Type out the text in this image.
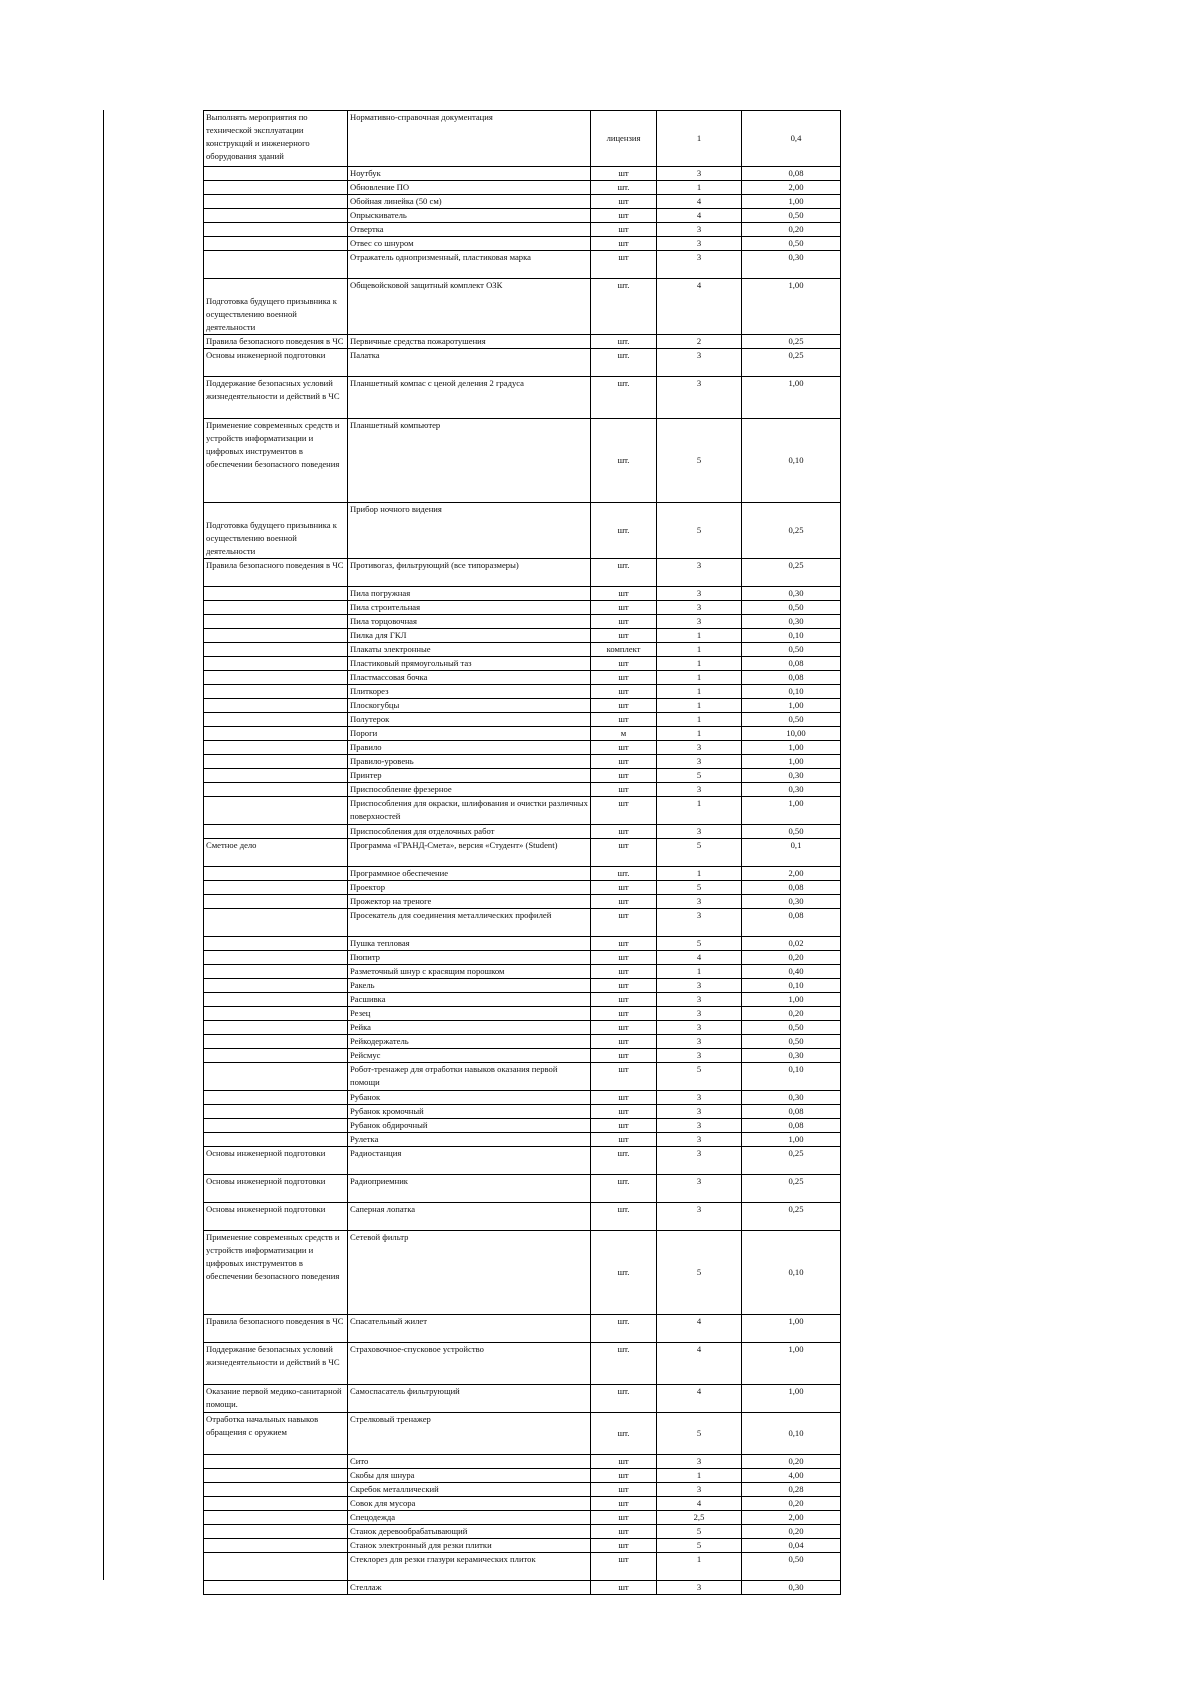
Выполнять мероприятия по технической эксплуатации конструкций и инженерного оборудования зданий	Нормативно-справочная документация	лицензия	1	0,4
	Ноутбук	шт	3	0,08
	Обновление ПО	шт.	1	2,00
	Обойная линейка (50 см)	шт	4	1,00
	Опрыскиватель	шт	4	0,50
	Отвертка	шт	3	0,20
	Отвес со шнуром	шт	3	0,50
	Отражатель однопризменный, пластиковая марка	шт	3	0,30
Подготовка будущего призывника к осуществлению военной деятельности	Общевойсковой защитный комплект ОЗК	шт.	4	1,00
Правила безопасного поведения в ЧС	Первичные средства пожаротушения	шт.	2	0,25
Основы инженерной подготовки	Палатка	шт.	3	0,25
Поддержание безопасных условий жизнедеятельности и действий в ЧС	Планшетный компас с ценой деления 2 градуса	шт.	3	1,00
Применение современных средств и устройств информатизации и цифровых инструментов в обеспечении безопасного поведения	Планшетный компьютер	шт.	5	0,10
Подготовка будущего призывника к осуществлению военной деятельности	Прибор ночного видения	шт.	5	0,25
Правила безопасного поведения в ЧС	Противогаз, фильтрующий (все типоразмеры)	шт.	3	0,25
	Пила погружная	шт	3	0,30
	Пила строительная	шт	3	0,50
	Пила торцовочная	шт	3	0,30
	Пилка для ГКЛ	шт	1	0,10
	Плакаты электронные	комплект	1	0,50
	Пластиковый прямоугольный таз	шт	1	0,08
	Пластмассовая бочка	шт	1	0,08
	Плиткорез	шт	1	0,10
	Плоскогубцы	шт	1	1,00
	Полутерок	шт	1	0,50
	Пороги	м	1	10,00
	Правило	шт	3	1,00
	Правило-уровень	шт	3	1,00
	Принтер	шт	5	0,30
	Приспособление фрезерное	шт	3	0,30
	Приспособления для окраски, шлифования и очистки различных поверхностей	шт	1	1,00
	Приспособления для отделочных работ	шт	3	0,50
Сметное дело	Программа «ГРАНД-Смета», версия «Студент» (Student)	шт	5	0,1
	Программное обеспечение	шт.	1	2,00
	Проектор	шт	5	0,08
	Прожектор на треноге	шт	3	0,30
	Просекатель для соединения металлических профилей	шт	3	0,08
	Пушка тепловая	шт	5	0,02
	Пюпитр	шт	4	0,20
	Разметочный шнур с красящим порошком	шт	1	0,40
	Ракель	шт	3	0,10
	Расшивка	шт	3	1,00
	Резец	шт	3	0,20
	Рейка	шт	3	0,50
	Рейкодержатель	шт	3	0,50
	Рейсмус	шт	3	0,30
	Робот-тренажер для отработки навыков оказания первой помощи	шт	5	0,10
	Рубанок	шт	3	0,30
	Рубанок кромочный	шт	3	0,08
	Рубанок обдирочный	шт	3	0,08
	Рулетка	шт	3	1,00
Основы инженерной подготовки	Радиостанция	шт.	3	0,25
Основы инженерной подготовки	Радиоприемник	шт.	3	0,25
Основы инженерной подготовки	Саперная лопатка	шт.	3	0,25
Применение современных средств и устройств информатизации и цифровых инструментов в обеспечении безопасного поведения	Сетевой фильтр	шт.	5	0,10
Правила безопасного поведения в ЧС	Спасательный жилет	шт.	4	1,00
Поддержание безопасных условий жизнедеятельности и действий в ЧС	Страховочное-спусковое устройство	шт.	4	1,00
Оказание первой медико-санитарной помощи.	Самоспасатель фильтрующий	шт.	4	1,00
Отработка начальных навыков обращения с оружием	Стрелковый тренажер	шт.	5	0,10
	Сито	шт	3	0,20
	Скобы для шнура	шт	1	4,00
	Скребок металлический	шт	3	0,28
	Совок для мусора	шт	4	0,20
	Спецодежда	шт	2,5	2,00
	Станок деревообрабатывающий	шт	5	0,20
	Станок электронный для резки плитки	шт	5	0,04
	Стеклорез для резки глазури керамических плиток	шт	1	0,50
	Стеллаж	шт	3	0,30
